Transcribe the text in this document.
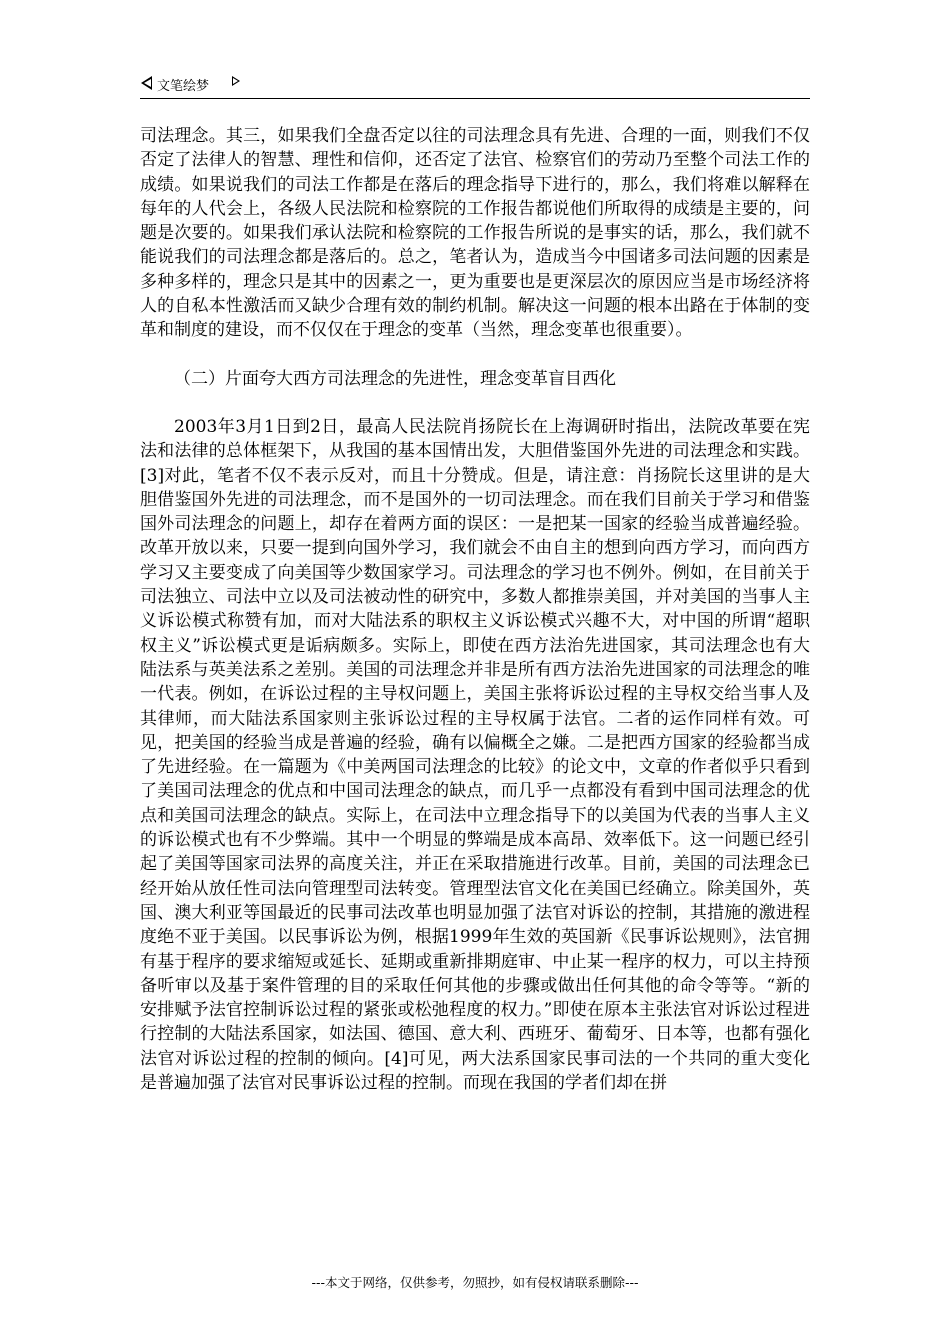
文笔绘梦

司法理念。其三，如果我们全盘否定以往的司法理念具有先进、合理的一面，则我们不仅否定了法律人的智慧、理性和信仰，还否定了法官、检察官们的劳动乃至整个司法工作的成绩。如果说我们的司法工作都是在落后的理念指导下进行的，那么，我们将难以解释在每年的人代会上，各级人民法院和检察院的工作报告都说他们所取得的成绩是主要的，问题是次要的。如果我们承认法院和检察院的工作报告所说的是事实的话，那么，我们就不能说我们的司法理念都是落后的。总之，笔者认为，造成当今中国诸多司法问题的因素是多种多样的，理念只是其中的因素之一，更为重要也是更深层次的原因应当是市场经济将人的自私本性激活而又缺少合理有效的制约机制。解决这一问题的根本出路在于体制的变革和制度的建设，而不仅仅在于理念的变革（当然，理念变革也很重要）。

（二）片面夸大西方司法理念的先进性，理念变革盲目西化

2003年3月1日到2日，最高人民法院肖扬院长在上海调研时指出，法院改革要在宪法和法律的总体框架下，从我国的基本国情出发，大胆借鉴国外先进的司法理念和实践。[3]对此，笔者不仅不表示反对，而且十分赞成。但是，请注意：肖扬院长这里讲的是大胆借鉴国外先进的司法理念，而不是国外的一切司法理念。而在我们目前关于学习和借鉴国外司法理念的问题上，却存在着两方面的误区：一是把某一国家的经验当成普遍经验。改革开放以来，只要一提到向国外学习，我们就会不由自主的想到向西方学习，而向西方学习又主要变成了向美国等少数国家学习。司法理念的学习也不例外。例如，在目前关于司法独立、司法中立以及司法被动性的研究中，多数人都推崇美国，并对美国的当事人主义诉讼模式称赞有加，而对大陆法系的职权主义诉讼模式兴趣不大，对中国的所谓“超职权主义”诉讼模式更是诟病颇多。实际上，即使在西方法治先进国家，其司法理念也有大陆法系与英美法系之差别。美国的司法理念并非是所有西方法治先进国家的司法理念的唯一代表。例如，在诉讼过程的主导权问题上，美国主张将诉讼过程的主导权交给当事人及其律师，而大陆法系国家则主张诉讼过程的主导权属于法官。二者的运作同样有效。可见，把美国的经验当成是普遍的经验，确有以偏概全之嫌。二是把西方国家的经验都当成了先进经验。在一篇题为《中美两国司法理念的比较》的论文中，文章的作者似乎只看到了美国司法理念的优点和中国司法理念的缺点，而几乎一点都没有看到中国司法理念的优点和美国司法理念的缺点。实际上，在司法中立理念指导下的以美国为代表的当事人主义的诉讼模式也有不少弊端。其中一个明显的弊端是成本高昂、效率低下。这一问题已经引起了美国等国家司法界的高度关注，并正在采取措施进行改革。目前，美国的司法理念已经开始从放任性司法向管理型司法转变。管理型法官文化在美国已经确立。除美国外，英国、澳大利亚等国最近的民事司法改革也明显加强了法官对诉讼的控制，其措施的激进程度绝不亚于美国。以民事诉讼为例，根据1999年生效的英国新《民事诉讼规则》，法官拥有基于程序的要求缩短或延长、延期或重新排期庭审、中止某一程序的权力，可以主持预备听审以及基于案件管理的目的采取任何其他的步骤或做出任何其他的命令等等。“新的安排赋予法官控制诉讼过程的紧张或松弛程度的权力。”即使在原本主张法官对诉讼过程进行控制的大陆法系国家，如法国、德国、意大利、西班牙、葡萄牙、日本等，也都有强化法官对诉讼过程的控制的倾向。[4]可见，两大法系国家民事司法的一个共同的重大变化是普遍加强了法官对民事诉讼过程的控制。而现在我国的学者们却在拼

---本文于网络，仅供参考，勿照抄，如有侵权请联系删除---
